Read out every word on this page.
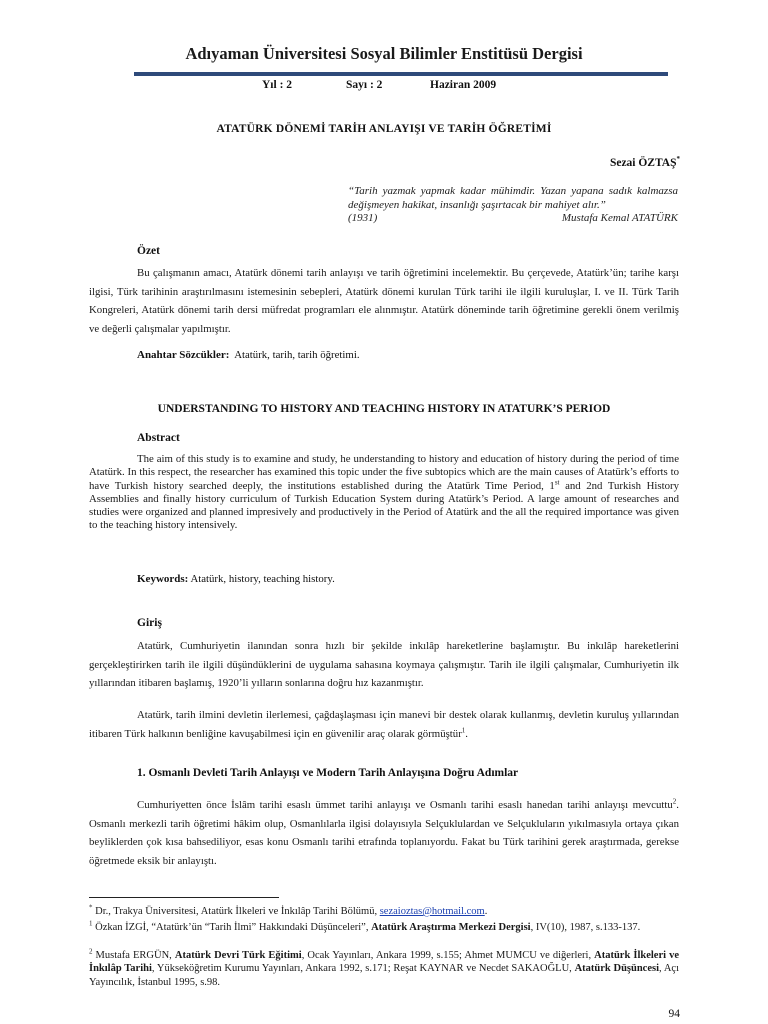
Adıyaman Üniversitesi Sosyal Bilimler Enstitüsü Dergisi
Yıl : 2	Sayı : 2	Haziran 2009
ATATÜRK DÖNEMİ TARİH ANLAYIŞI VE TARİH ÖĞRETİMİ
Sezai ÖZTAŞ*
“Tarih yazmak yapmak kadar mühimdir. Yazan yapana sadık kalmazsa değişmeyen hakikat, insanlığı şaşırtacak bir mahiyet alır.”
(1931)	Mustafa Kemal ATATÜRK
Özet
Bu çalışmanın amacı, Atatürk dönemi tarih anlayışı ve tarih öğretimini incelemektir. Bu çerçevede, Atatürk’ün; tarihe karşı ilgisi, Türk tarihinin araştırılmasını istemesinin sebepleri, Atatürk dönemi kurulan Türk tarihi ile ilgili kuruluşlar, I. ve II. Türk Tarih Kongreleri, Atatürk dönemi tarih dersi müfredat programları ele alınmıştır. Atatürk döneminde tarih öğretimine gerekli önem verilmiş ve değerli çalışmalar yapılmıştır.
Anahtar Sözcükler: Atatürk, tarih, tarih öğretimi.
UNDERSTANDING TO HISTORY AND TEACHING HISTORY IN ATATURK’S PERIOD
Abstract
The aim of this study is to examine and study, he understanding to history and education of history during the period of time Atatürk. In this respect, the researcher has examined this topic under the five subtopics which are the main causes of Atatürk’s efforts to have Turkish history searched deeply, the institutions established during the Atatürk Time Period, 1st and 2nd Turkish History Assemblies and finally history curriculum of Turkish Education System during Atatürk’s Period. A large amount of researches and studies were organized and planned impresively and productively in the Period of Atatürk and the all the required importance was given to the teaching history intensively.
Keywords: Atatürk, history, teaching history.
Giriş
Atatürk, Cumhuriyetin ilanından sonra hızlı bir şekilde inkılâp hareketlerine başlamıştır. Bu inkılâp hareketlerini gerçekleştirirken tarih ile ilgili düşündüklerini de uygulama sahasına koymaya çalışmıştır. Tarih ile ilgili çalışmalar, Cumhuriyetin ilk yıllarından itibaren başlamış, 1920’li yılların sonlarına doğru hız kazanmıştır.
Atatürk, tarih ilmini devletin ilerlemesi, çağdaşlaşması için manevi bir destek olarak kullanmış, devletin kuruluş yıllarından itibaren Türk halkının benliğine kavuşabilmesi için en güvenilir araç olarak görmüştür$^1$.
1. Osmanlı Devleti Tarih Anlayışı ve Modern Tarih Anlayışına Doğru Adımlar
Cumhuriyetten önce İslâm tarihi esaslı ümmet tarihi anlayışı ve Osmanlı tarihi esaslı hanedan tarihi anlayışı mevcuttu$^2$. Osmanlı merkezli tarih öğretimi hâkim olup, Osmanlılarla ilgisi dolayısıyla Selçuklulardan ve Selçukluların yıkılmasıyla ortaya çıkan beyliklerden çok kısa bahsediliyor, esas konu Osmanlı tarihi etrafında toplanıyordu. Fakat bu Türk tarihini gerek araştırmada, gerekse öğretmede eksik bir anlayıştı.
* Dr., Trakya Üniversitesi, Atatürk İlkeleri ve İnkılâp Tarihi Bölümü, sezaioztas@hotmail.com.
$^1$ Özkan İZGİ, “Atatürk’ün “Tarih İlmi” Hakkındaki Düşünceleri”, Atatürk Araştırma Merkezi Dergisi, IV(10), 1987, s.133-137.
$^2$ Mustafa ERGÜN, Atatürk Devri Türk Eğitimi, Ocak Yayınları, Ankara 1999, s.155; Ahmet MUMCU ve diğerleri, Atatürk İlkeleri ve İnkılâp Tarihi, Yükseköğretim Kurumu Yayınları, Ankara 1992, s.171; Reşat KAYNAR ve Necdet SAKAOĞLU, Atatürk Düşüncesi, Açı Yayıncılık, İstanbul 1995, s.98.
94
